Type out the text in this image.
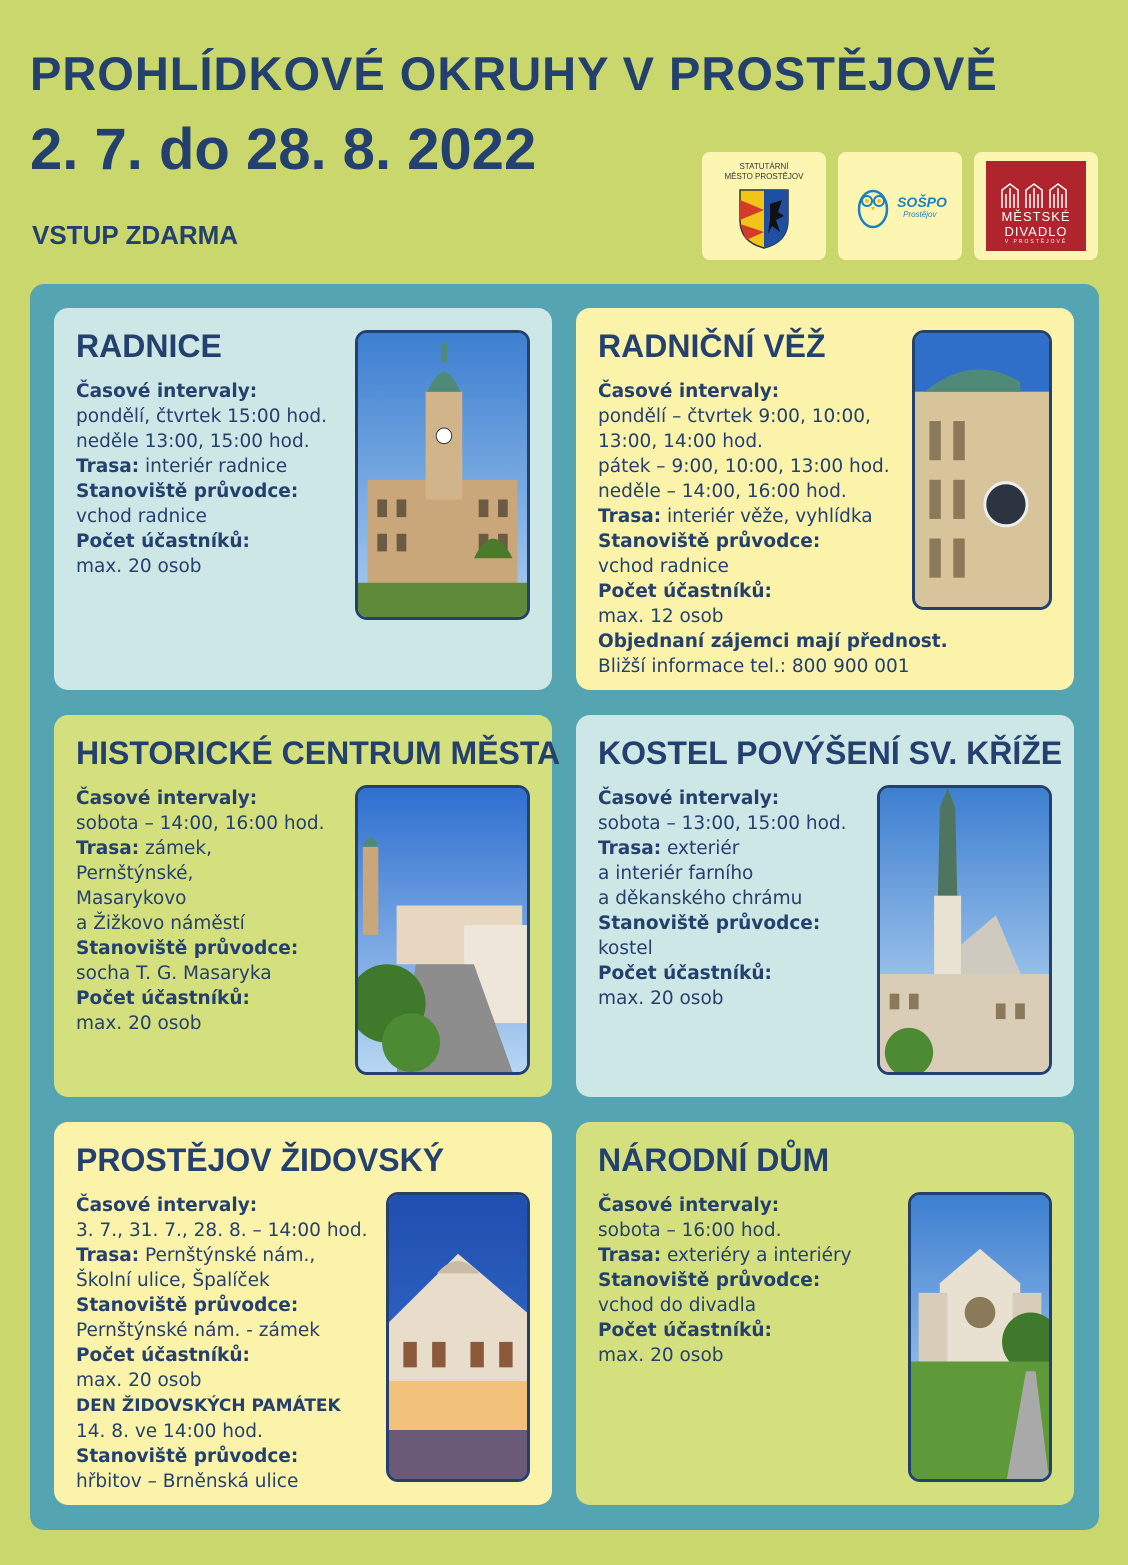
PROHLÍDKOVÉ OKRUHY V PROSTĚJOVĚ
2. 7. do 28. 8. 2022
VSTUP ZDARMA
STATUTÁRNÍ
MĚSTO PROSTĚJOV
SOŠPO
Prostějov	MĚSTSKÉ
DIVADLO
V PROSTĚJOVĚ
RADNICE

Časové intervaly:

pondělí, čtvrtek 15:00 hod.

neděle 13:00, 15:00 hod.

Trasa: interiér radnice

Stanoviště průvodce:

vchod radnice

Počet účastníků:

max. 20 osob

RADNIČNÍ VĚŽ

Časové intervaly:

pondělí – čtvrtek 9:00, 10:00,

13:00, 14:00 hod.

pátek – 9:00, 10:00, 13:00 hod.

neděle – 14:00, 16:00 hod.

Trasa: interiér věže, vyhlídka

Stanoviště průvodce:

vchod radnice

Počet účastníků:

max. 12 osob

Objednaní zájemci mají přednost.

Bližší informace tel.: 800 900 001

HISTORICKÉ CENTRUM MĚSTA

Časové intervaly:

sobota – 14:00, 16:00 hod.

Trasa: zámek,

Pernštýnské,

Masarykovo

a Žižkovo náměstí

Stanoviště průvodce:

socha T. G. Masaryka

Počet účastníků:

max. 20 osob

KOSTEL POVÝŠENÍ SV. KŘÍŽE

Časové intervaly:

sobota – 13:00, 15:00 hod.

Trasa: exteriér

a interiér farního

a děkanského chrámu

Stanoviště průvodce:

kostel

Počet účastníků:

max. 20 osob

PROSTĚJOV ŽIDOVSKÝ

Časové intervaly:

3. 7., 31. 7., 28. 8. – 14:00 hod.

Trasa: Pernštýnské nám.,

Školní ulice, Špalíček

Stanoviště průvodce:

Pernštýnské nám. - zámek

Počet účastníků:

max. 20 osob

DEN ŽIDOVSKÝCH PAMÁTEK

14. 8. ve 14:00 hod.

Stanoviště průvodce:

hřbitov – Brněnská ulice

NÁRODNÍ DŮM

Časové intervaly:

sobota – 16:00 hod.

Trasa: exteriéry a interiéry

Stanoviště průvodce:

vchod do divadla

Počet účastníků:

max. 20 osob
